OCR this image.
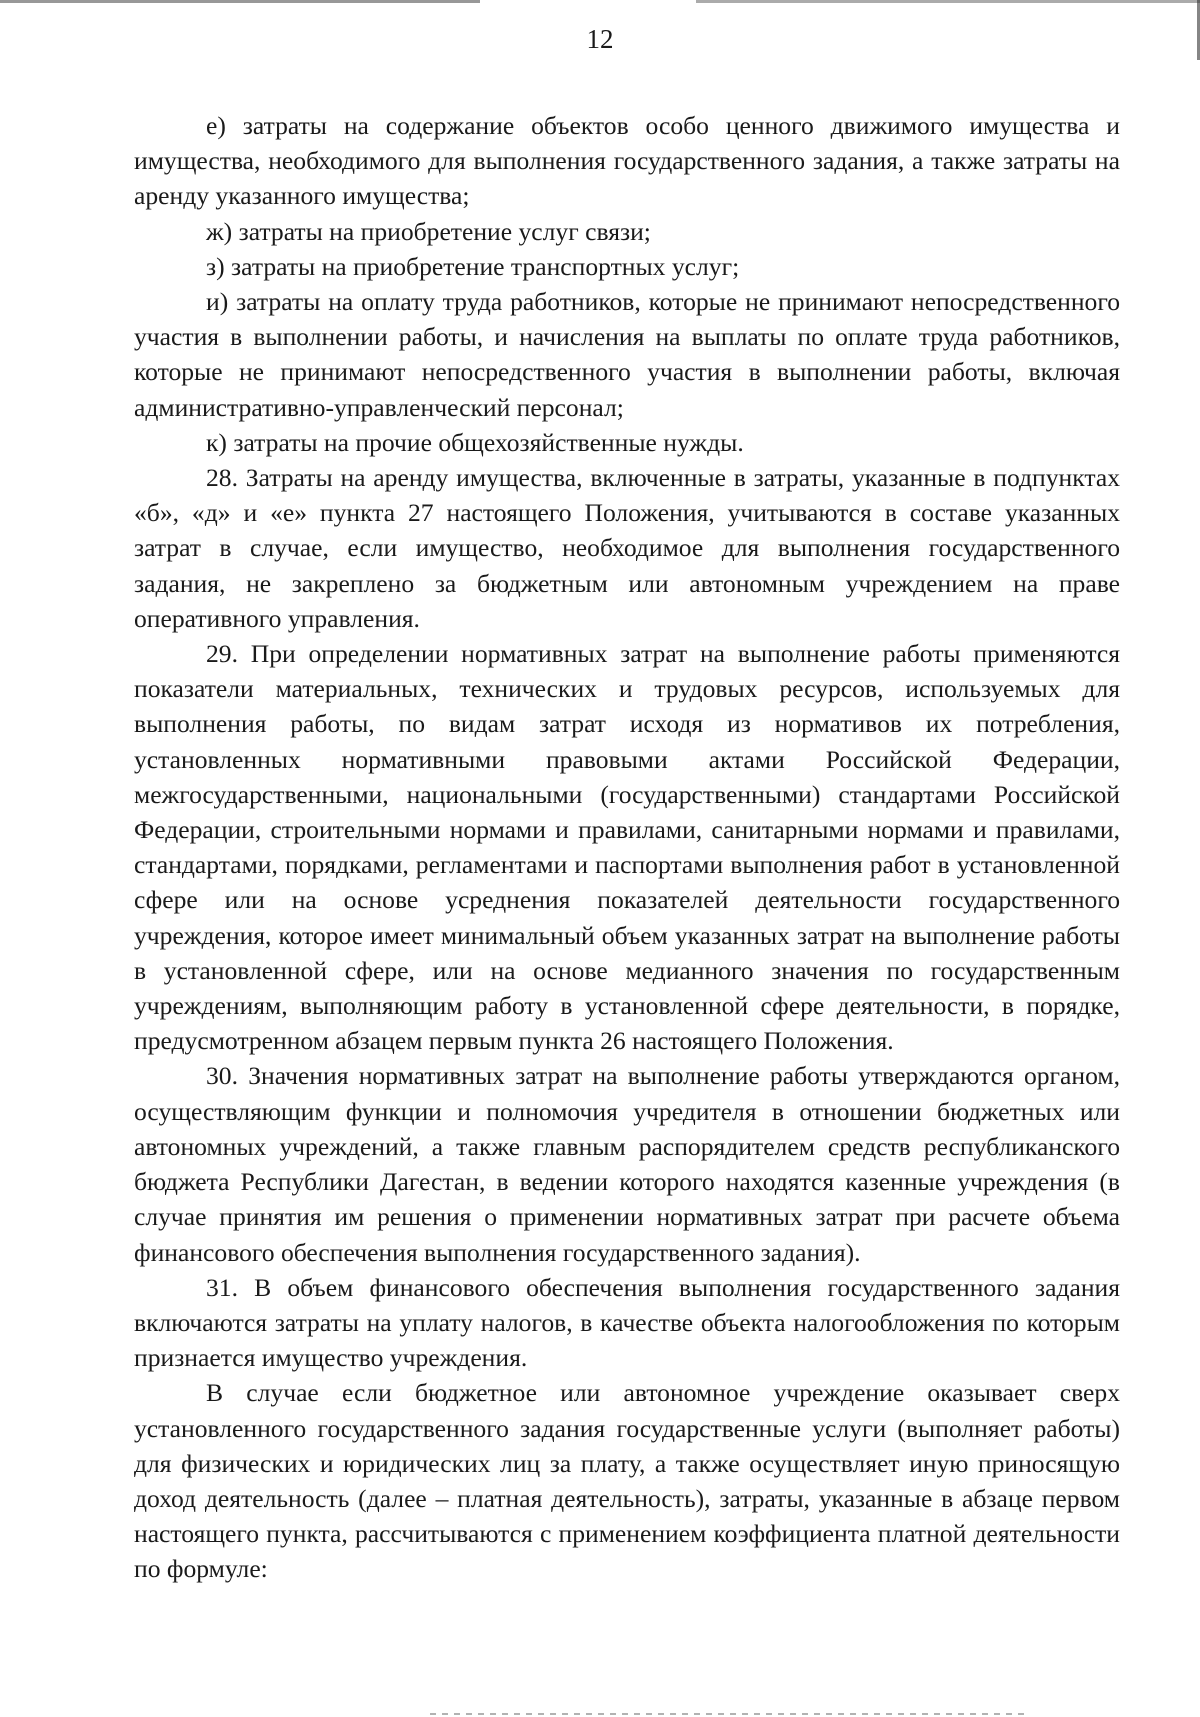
12

е) затраты на содержание объектов особо ценного движимого имущества и имущества, необходимого для выполнения государственного задания, а также затраты на аренду указанного имущества;

ж) затраты на приобретение услуг связи;

з) затраты на приобретение транспортных услуг;

и) затраты на оплату труда работников, которые не принимают непосредственного участия в выполнении работы, и начисления на выплаты по оплате труда работников, которые не принимают непосредственного участия в выполнении работы, включая административно-управленческий персонал;

к) затраты на прочие общехозяйственные нужды.

28. Затраты на аренду имущества, включенные в затраты, указанные в подпунктах «б», «д» и «е» пункта 27 настоящего Положения, учитываются в составе указанных затрат в случае, если имущество, необходимое для выполнения государственного задания, не закреплено за бюджетным или автономным учреждением на праве оперативного управления.

29. При определении нормативных затрат на выполнение работы применяются показатели материальных, технических и трудовых ресурсов, используемых для выполнения работы, по видам затрат исходя из нормативов их потребления, установленных нормативными правовыми актами Российской Федерации, межгосударственными, национальными (государственными) стандартами Российской Федерации, строительными нормами и правилами, санитарными нормами и правилами, стандартами, порядками, регламентами и паспортами выполнения работ в установленной сфере или на основе усреднения показателей деятельности государственного учреждения, которое имеет минимальный объем указанных затрат на выполнение работы в установленной сфере, или на основе медианного значения по государственным учреждениям, выполняющим работу в установленной сфере деятельности, в порядке, предусмотренном абзацем первым пункта 26 настоящего Положения.

30. Значения нормативных затрат на выполнение работы утверждаются органом, осуществляющим функции и полномочия учредителя в отношении бюджетных или автономных учреждений, а также главным распорядителем средств республиканского бюджета Республики Дагестан, в ведении которого находятся казенные учреждения (в случае принятия им решения о применении нормативных затрат при расчете объема финансового обеспечения выполнения государственного задания).

31. В объем финансового обеспечения выполнения государственного задания включаются затраты на уплату налогов, в качестве объекта налогообложения по которым признается имущество учреждения.

В случае если бюджетное или автономное учреждение оказывает сверх установленного государственного задания государственные услуги (выполняет работы) для физических и юридических лиц за плату, а также осуществляет иную приносящую доход деятельность (далее – платная деятельность), затраты, указанные в абзаце первом настоящего пункта, рассчитываются с применением коэффициента платной деятельности по формуле:
